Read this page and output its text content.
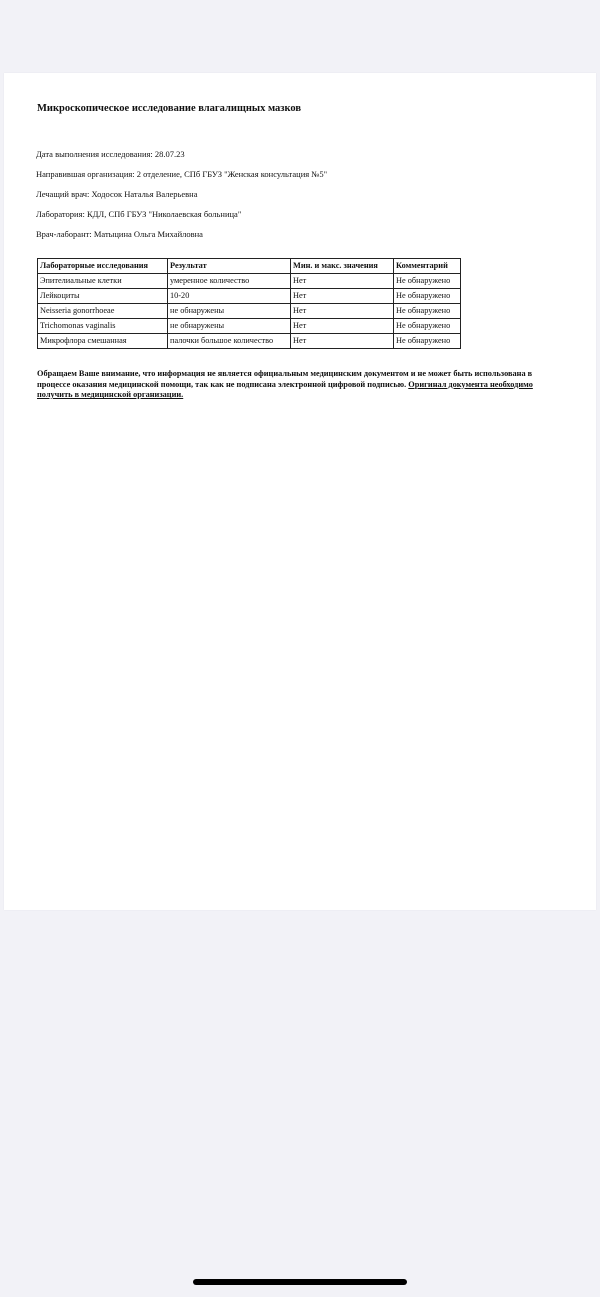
Микроскопическое исследование влагалищных мазков

Дата выполнения исследования: 28.07.23

Направившая организация: 2 отделение, СПб ГБУЗ "Женская консультация №5"

Лечащий врач: Ходосок Наталья Валерьевна

Лаборатория: КДЛ, СПб ГБУЗ "Николаевская больница"

Врач-лаборант: Матыцина Ольга Михайловна

Лабораторные исследования	Результат	Мин. и макс. значения	Комментарий
Эпителиальные клетки	умеренное количество	Нет	Не обнаружено
Лейкоциты	10-20	Нет	Не обнаружено
Neisseria gonorrhoeae	не обнаружены	Нет	Не обнаружено
Trichomonas vaginalis	не обнаружены	Нет	Не обнаружено
Микрофлора смешанная	палочки большое количество	Нет	Не обнаружено

Обращаем Ваше внимание, что информация не является официальным медицинским документом и не может быть использована в процессе оказания медицинской помощи, так как не подписана электронной цифровой подписью. Оригинал документа необходимо получить в медицинской организации.
